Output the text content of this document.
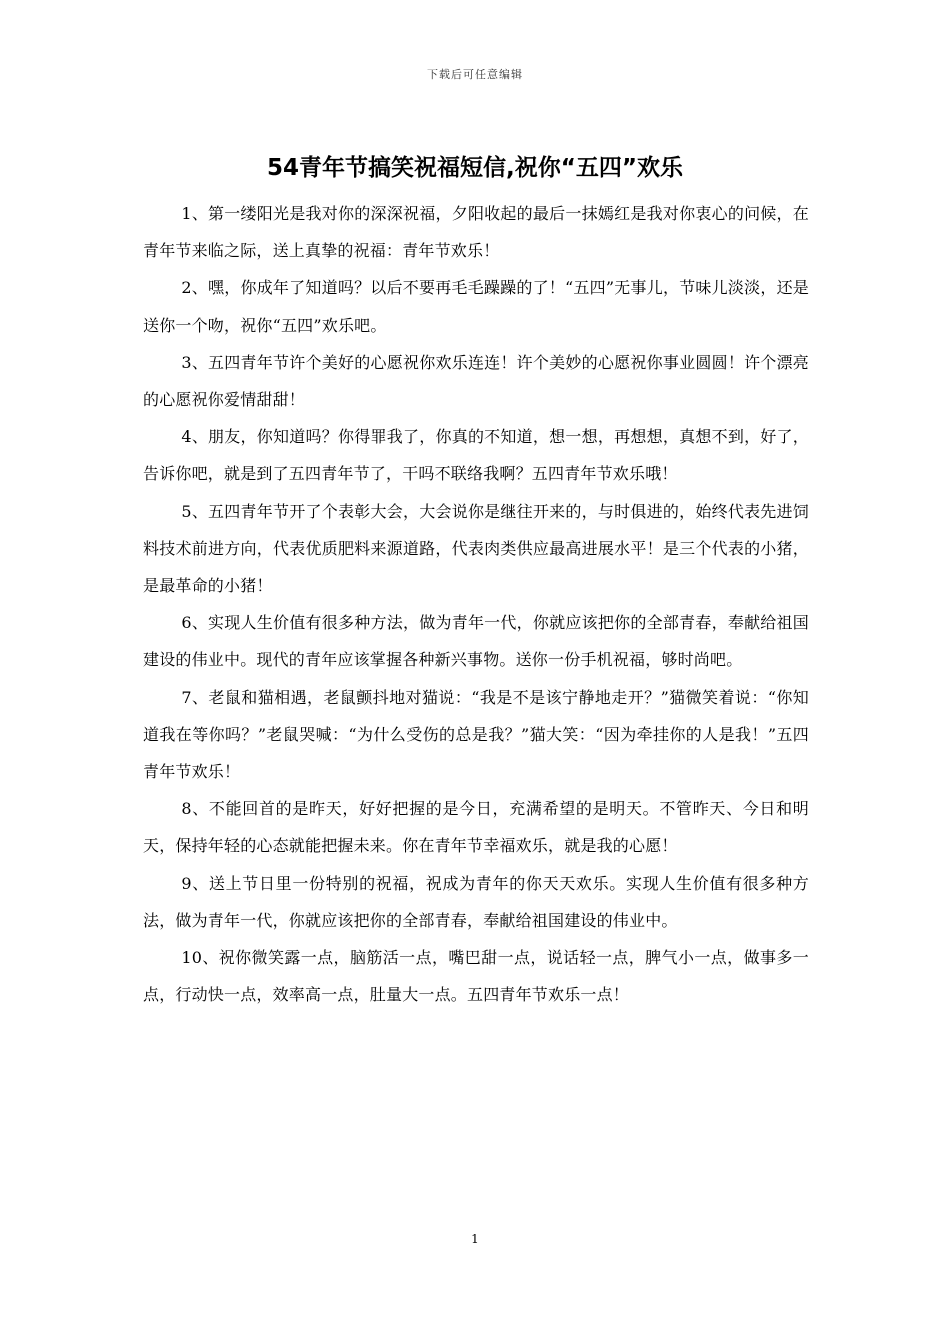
下载后可任意编辑
54青年节搞笑祝福短信,祝你“五四”欢乐

1、第一缕阳光是我对你的深深祝福，夕阳收起的最后一抹嫣红是我对你衷心的问候，在青年节来临之际，送上真挚的祝福：青年节欢乐！

2、嘿，你成年了知道吗？以后不要再毛毛躁躁的了！“五四”无事儿，节味儿淡淡，还是送你一个吻，祝你“五四”欢乐吧。

3、五四青年节许个美好的心愿祝你欢乐连连！许个美妙的心愿祝你事业圆圆！许个漂亮的心愿祝你爱情甜甜！

4、朋友，你知道吗？你得罪我了，你真的不知道，想一想，再想想，真想不到，好了，告诉你吧，就是到了五四青年节了，干吗不联络我啊？五四青年节欢乐哦！

5、五四青年节开了个表彰大会，大会说你是继往开来的，与时俱进的，始终代表先进饲料技术前进方向，代表优质肥料来源道路，代表肉类供应最高进展水平！是三个代表的小猪，是最革命的小猪！

6、实现人生价值有很多种方法，做为青年一代，你就应该把你的全部青春，奉献给祖国建设的伟业中。现代的青年应该掌握各种新兴事物。送你一份手机祝福，够时尚吧。

7、老鼠和猫相遇，老鼠颤抖地对猫说：“我是不是该宁静地走开？”猫微笑着说：“你知道我在等你吗？”老鼠哭喊：“为什么受伤的总是我？”猫大笑：“因为牵挂你的人是我！”五四青年节欢乐！

8、不能回首的是昨天，好好把握的是今日，充满希望的是明天。不管昨天、今日和明天，保持年轻的心态就能把握未来。你在青年节幸福欢乐，就是我的心愿！

9、送上节日里一份特别的祝福，祝成为青年的你天天欢乐。实现人生价值有很多种方法，做为青年一代，你就应该把你的全部青春，奉献给祖国建设的伟业中。

10、祝你微笑露一点，脑筋活一点，嘴巴甜一点，说话轻一点，脾气小一点，做事多一点，行动快一点，效率高一点，肚量大一点。五四青年节欢乐一点！

1
